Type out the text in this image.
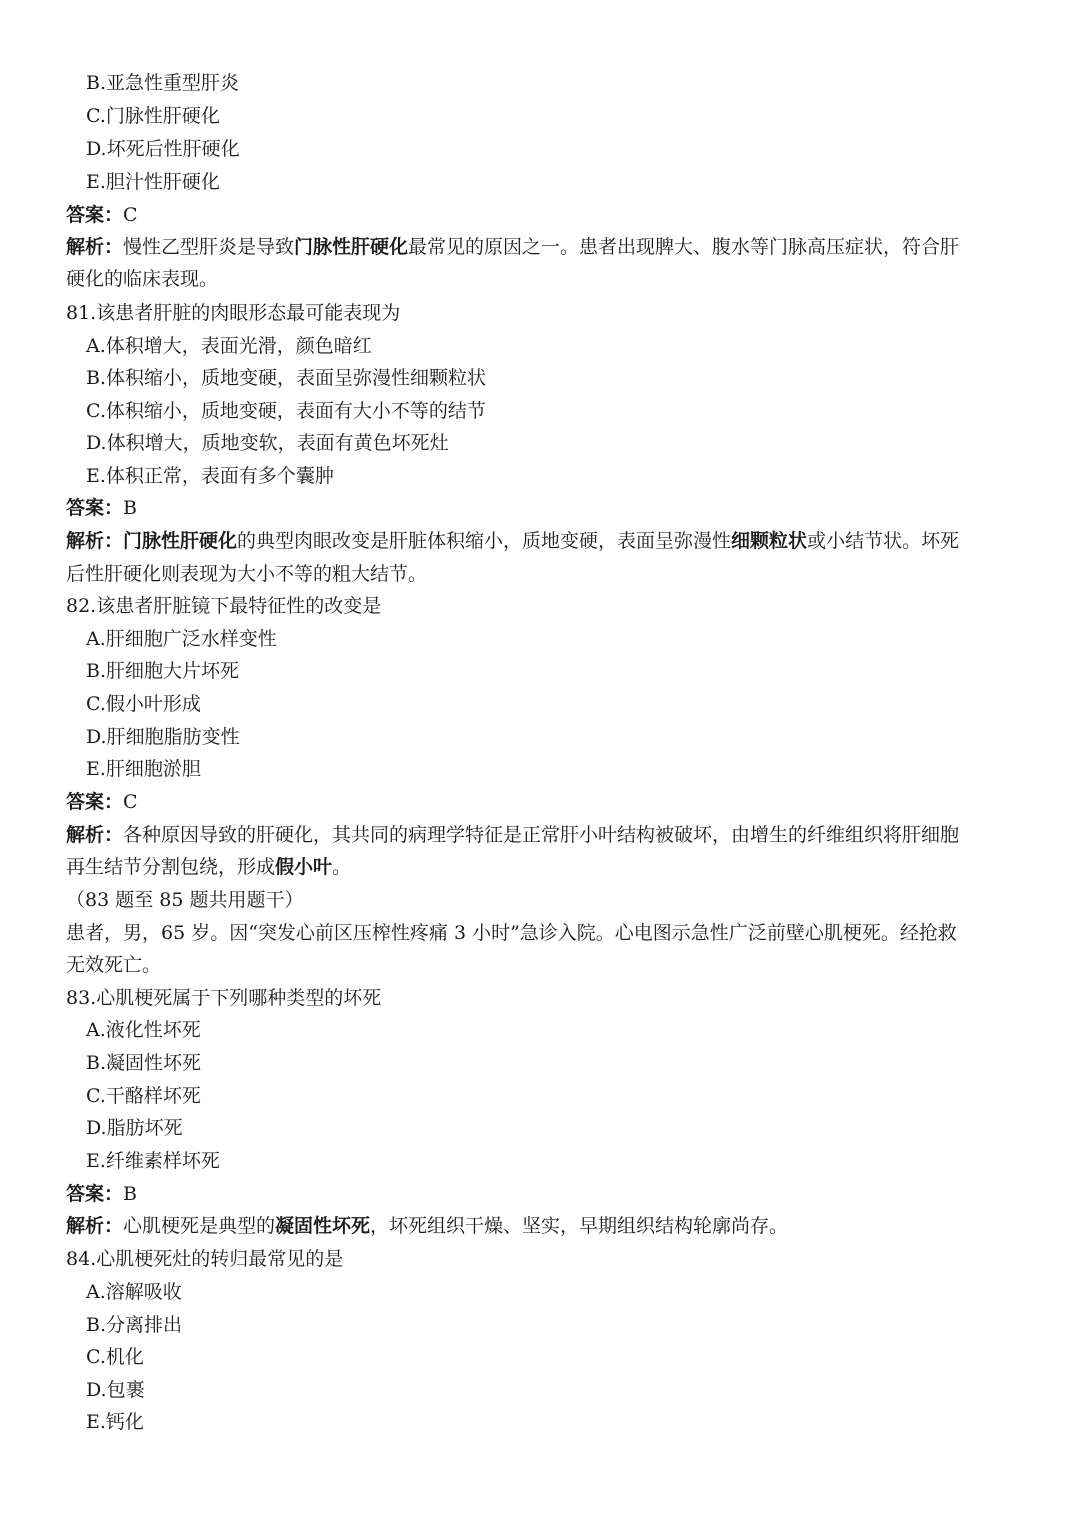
B.亚急性重型肝炎
C.门脉性肝硬化
D.坏死后性肝硬化
E.胆汁性肝硬化
答案：C
解析：慢性乙型肝炎是导致门脉性肝硬化最常见的原因之一。患者出现脾大、腹水等门脉高压症状，符合肝
硬化的临床表现。
81.该患者肝脏的肉眼形态最可能表现为
A.体积增大，表面光滑，颜色暗红
B.体积缩小，质地变硬，表面呈弥漫性细颗粒状
C.体积缩小，质地变硬，表面有大小不等的结节
D.体积增大，质地变软，表面有黄色坏死灶
E.体积正常，表面有多个囊肿
答案：B
解析：门脉性肝硬化的典型肉眼改变是肝脏体积缩小，质地变硬，表面呈弥漫性细颗粒状或小结节状。坏死
后性肝硬化则表现为大小不等的粗大结节。
82.该患者肝脏镜下最特征性的改变是
A.肝细胞广泛水样变性
B.肝细胞大片坏死
C.假小叶形成
D.肝细胞脂肪变性
E.肝细胞淤胆
答案：C
解析：各种原因导致的肝硬化，其共同的病理学特征是正常肝小叶结构被破坏，由增生的纤维组织将肝细胞
再生结节分割包绕，形成假小叶。
（83 题至 85 题共用题干）
患者，男，65 岁。因“突发心前区压榨性疼痛 3 小时”急诊入院。心电图示急性广泛前壁心肌梗死。经抢救
无效死亡。
83.心肌梗死属于下列哪种类型的坏死
A.液化性坏死
B.凝固性坏死
C.干酪样坏死
D.脂肪坏死
E.纤维素样坏死
答案：B
解析：心肌梗死是典型的凝固性坏死，坏死组织干燥、坚实，早期组织结构轮廓尚存。
84.心肌梗死灶的转归最常见的是
A.溶解吸收
B.分离排出
C.机化
D.包裹
E.钙化
